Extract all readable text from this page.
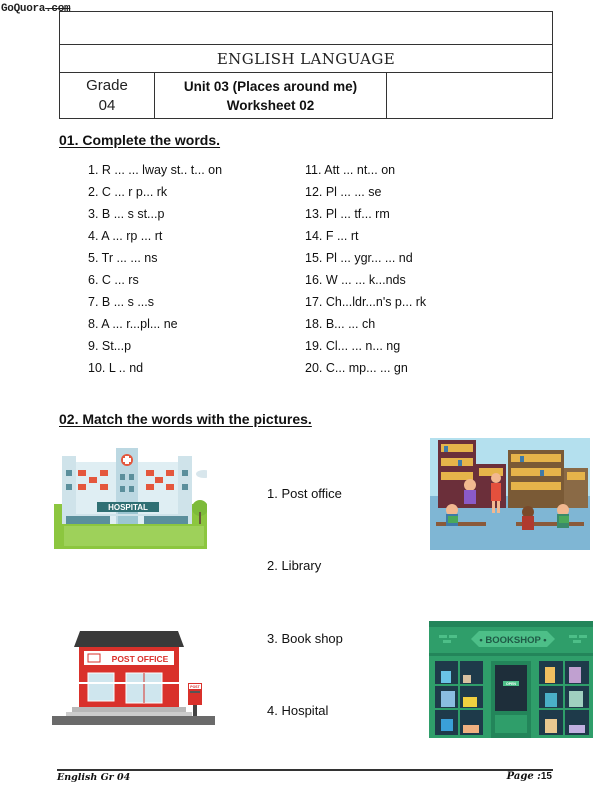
GoQuora.com
ENGLISH LANGUAGE
Grade
04
Unit 03 (Places around me)
Worksheet 02
01. Complete the words.
1. R ... ... lway st.. t... on
2. C ... r p... rk
3. B ... s st...p
4. A ... rp ... rt
5. Tr ... ... ns
6. C ... rs
7. B ... s ...s
8. A ... r...pl... ne
9. St...p
10. L .. nd
11. Att ... nt... on
12. Pl ... ... se
13. Pl ... tf... rm
14. F ... rt
15. Pl ... ygr... ... nd
16. W ... ... k...nds
17. Ch...ldr...n's p... rk
18. B... ... ch
19. Cl... ... n... ng
20. C... mp... ... gn
02. Match the words with the pictures.
HOSPITAL
POST OFFICE
POST
• BOOKSHOP •
OPEN
1. Post office
2. Library
3. Book shop
4. Hospital
English Gr 04	Page :15
